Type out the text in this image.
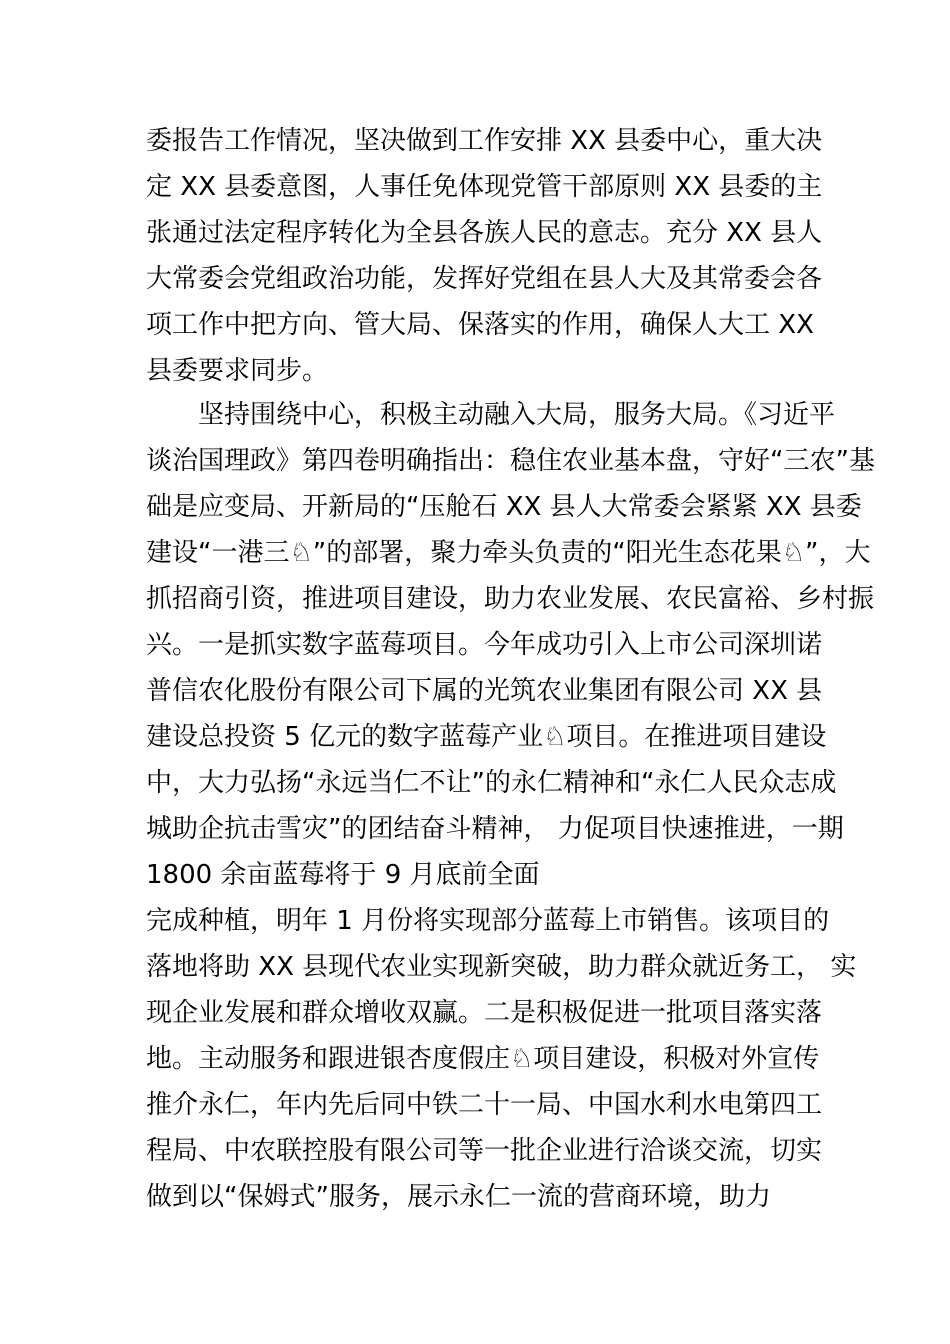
委报告工作情况，坚决做到工作安排 XX 县委中心，重大决
定 XX 县委意图，人事任免体现党管干部原则 XX 县委的主
张通过法定程序转化为全县各族人民的意志。充分 XX 县人
大常委会党组政治功能，发挥好党组在县人大及其常委会各
项工作中把方向、管大局、保落实的作用，确保人大工 XX
县委要求同步。
坚持围绕中心，积极主动融入大局，服务大局。《习近平
谈治国理政》第四卷明确指出：稳住农业基本盘，守好“三农”基
础是应变局、开新局的“压舱石 XX 县人大常委会紧紧 XX 县委
建设“一港三♘”的部署，聚力牵头负责的“阳光生态花果♘”，大
抓招商引资，推进项目建设，助力农业发展、农民富裕、乡村振
兴。一是抓实数字蓝莓项目。今年成功引入上市公司深圳诺
普信农化股份有限公司下属的光筑农业集团有限公司 XX 县
建设总投资 5 亿元的数字蓝莓产业♘项目。在推进项目建设
中，大力弘扬“永远当仁不让”的永仁精神和“永仁人民众志成
城助企抗击雪灾”的团结奋斗精神， 力促项目快速推进，一期
1800 余亩蓝莓将于 9 月底前全面
完成种植，明年 1 月份将实现部分蓝莓上市销售。该项目的
落地将助 XX 县现代农业实现新突破，助力群众就近务工， 实
现企业发展和群众增收双赢。二是积极促进一批项目落实落
地。主动服务和跟进银杏度假庄♘项目建设，积极对外宣传
推介永仁，年内先后同中铁二十一局、中国水利水电第四工
程局、中农联控股有限公司等一批企业进行洽谈交流，切实
做到以“保姆式”服务，展示永仁一流的营商环境，助力
